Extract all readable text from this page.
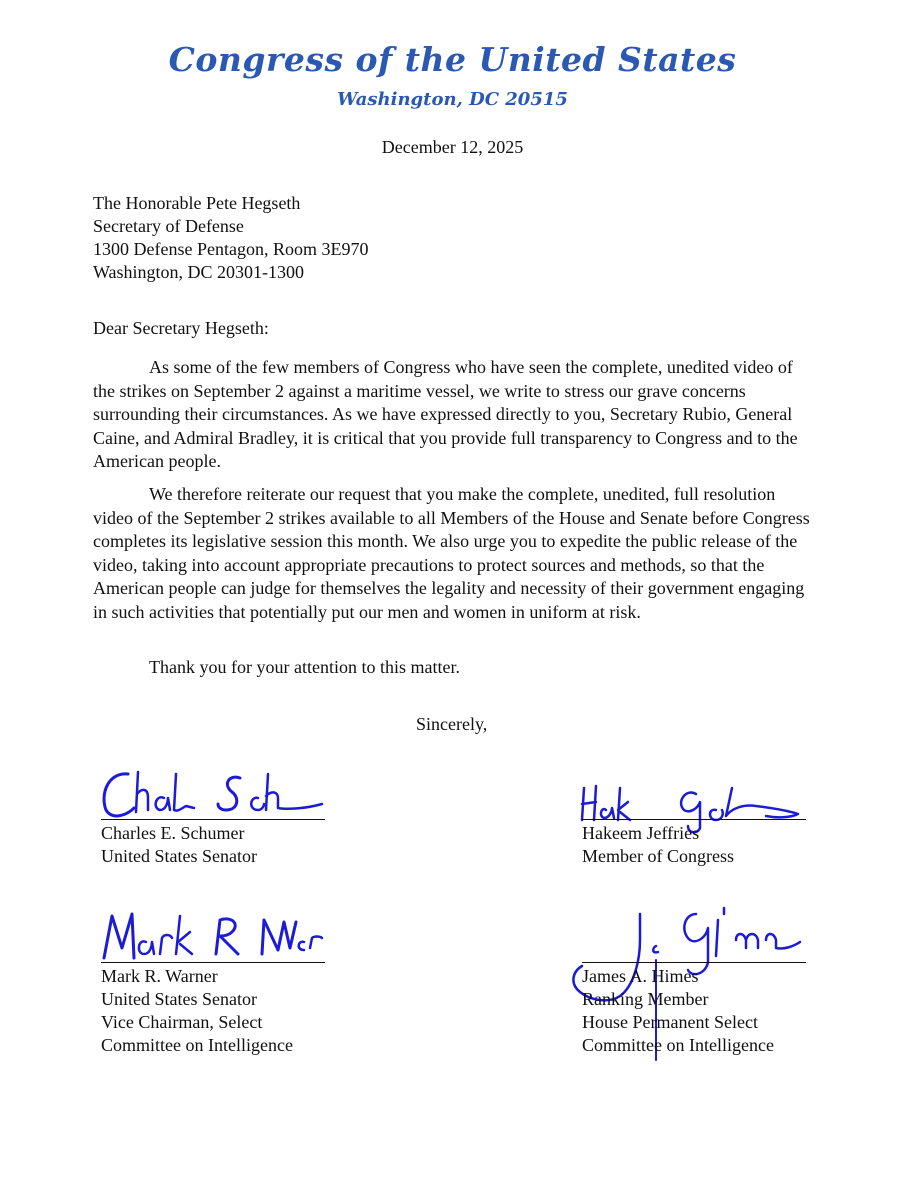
Congress of the United States
Washington, DC 20515
December 12, 2025
The Honorable Pete Hegseth
Secretary of Defense
1300 Defense Pentagon, Room 3E970
Washington, DC 20301-1300
Dear Secretary Hegseth:

As some of the few members of Congress who have seen the complete, unedited video of the strikes on September 2 against a maritime vessel, we write to stress our grave concerns surrounding their circumstances. As we have expressed directly to you, Secretary Rubio, General Caine, and Admiral Bradley, it is critical that you provide full transparency to Congress and to the American people.

We therefore reiterate our request that you make the complete, unedited, full resolution video of the September 2 strikes available to all Members of the House and Senate before Congress completes its legislative session this month. We also urge you to expedite the public release of the video, taking into account appropriate precautions to protect sources and methods, so that the American people can judge for themselves the legality and necessity of their government engaging in such activities that potentially put our men and women in uniform at risk.

Thank you for your attention to this matter.

Sincerely,
Charles E. Schumer
United States Senator
Hakeem Jeffries
Member of Congress
Mark R. Warner
United States Senator
Vice Chairman, Select
Committee on Intelligence
James A. Himes
Ranking Member
House Permanent Select
Committee on Intelligence
